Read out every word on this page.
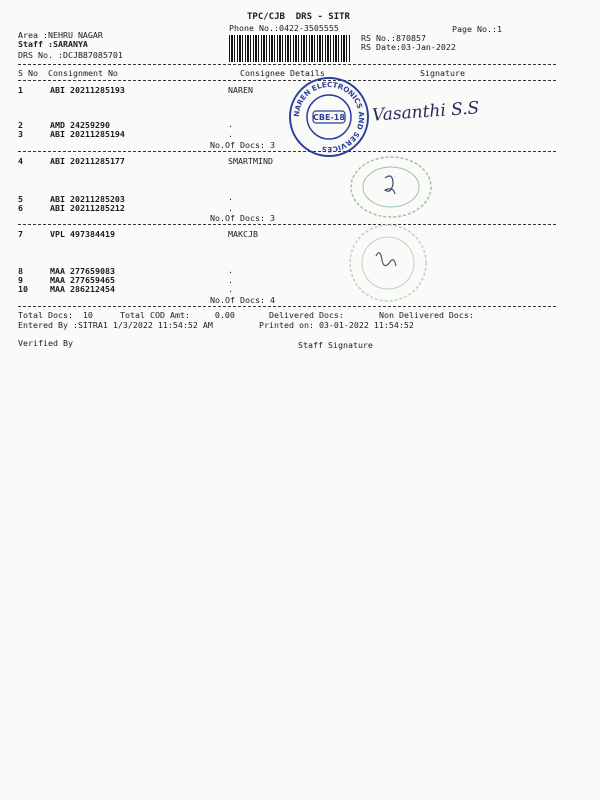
TPC/CJB  DRS - SITR
Phone No.:0422-3505555	Page No.:1
Area :NEHRU NAGAR
Staff :SARANYA
DRS No. :DCJB87085701
RS No.:870857
RS Date:03-Jan-2022
S No Consignment No	Consignee Details	Signature
1	ABI 20211285193	NAREN
2	AMD 24259290	.
3	ABI 20211285194	.
No.Of Docs: 3
4	ABI 20211285177	SMARTMIND
5	ABI 20211285203	.
6	ABI 20211285212	.
No.Of Docs: 3
7	VPL 497384419	MAKCJB
8	MAA 277659083	.
9	MAA 277659465	.
10	MAA 286212454	.
No.Of Docs: 4
Total Docs:  10	Total COD Amt:     0.00	Delivered Docs:	Non Delivered Docs:
Entered By :SITRA1 1/3/2022 11:54:52 AM	Printed on: 03-01-2022 11:54:52
Verified By	Staff Signature
NAREN ELECTRONICS AND SERVICES
CBE-18 Vasanthi S.S
